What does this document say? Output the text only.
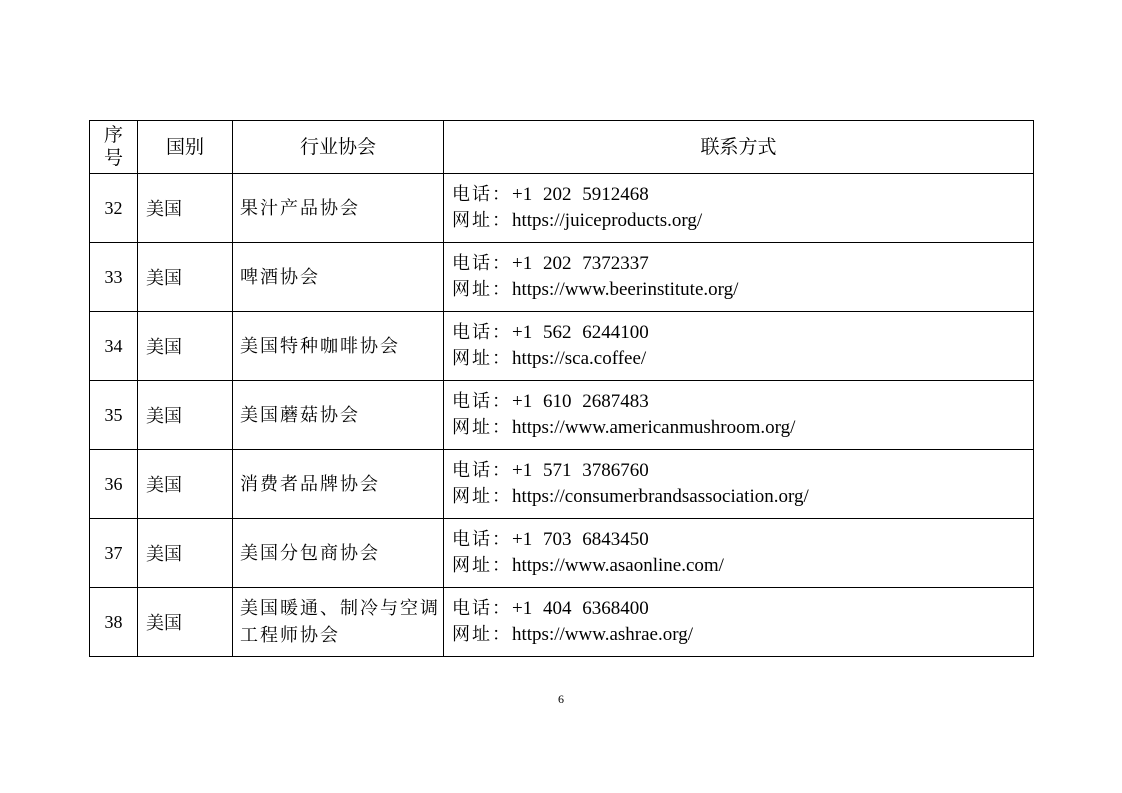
序号	国别	行业协会	联系方式
32	美国	果汁产品协会	电话：+1 202 5912468
网址：https://juiceproducts.org/

33	美国	啤酒协会	电话：+1 202 7372337
网址：https://www.beerinstitute.org/

34	美国	美国特种咖啡协会	电话：+1 562 6244100
网址：https://sca.coffee/

35	美国	美国蘑菇协会	电话：+1 610 2687483
网址：https://www.americanmushroom.org/

36	美国	消费者品牌协会	电话：+1 571 3786760
网址：https://consumerbrandsassociation.org/

37	美国	美国分包商协会	电话：+1 703 6843450
网址：https://www.asaonline.com/

38	美国	美国暖通、制冷与空调工程师协会	电话：+1 404 6368400
网址：https://www.ashrae.org/
6
